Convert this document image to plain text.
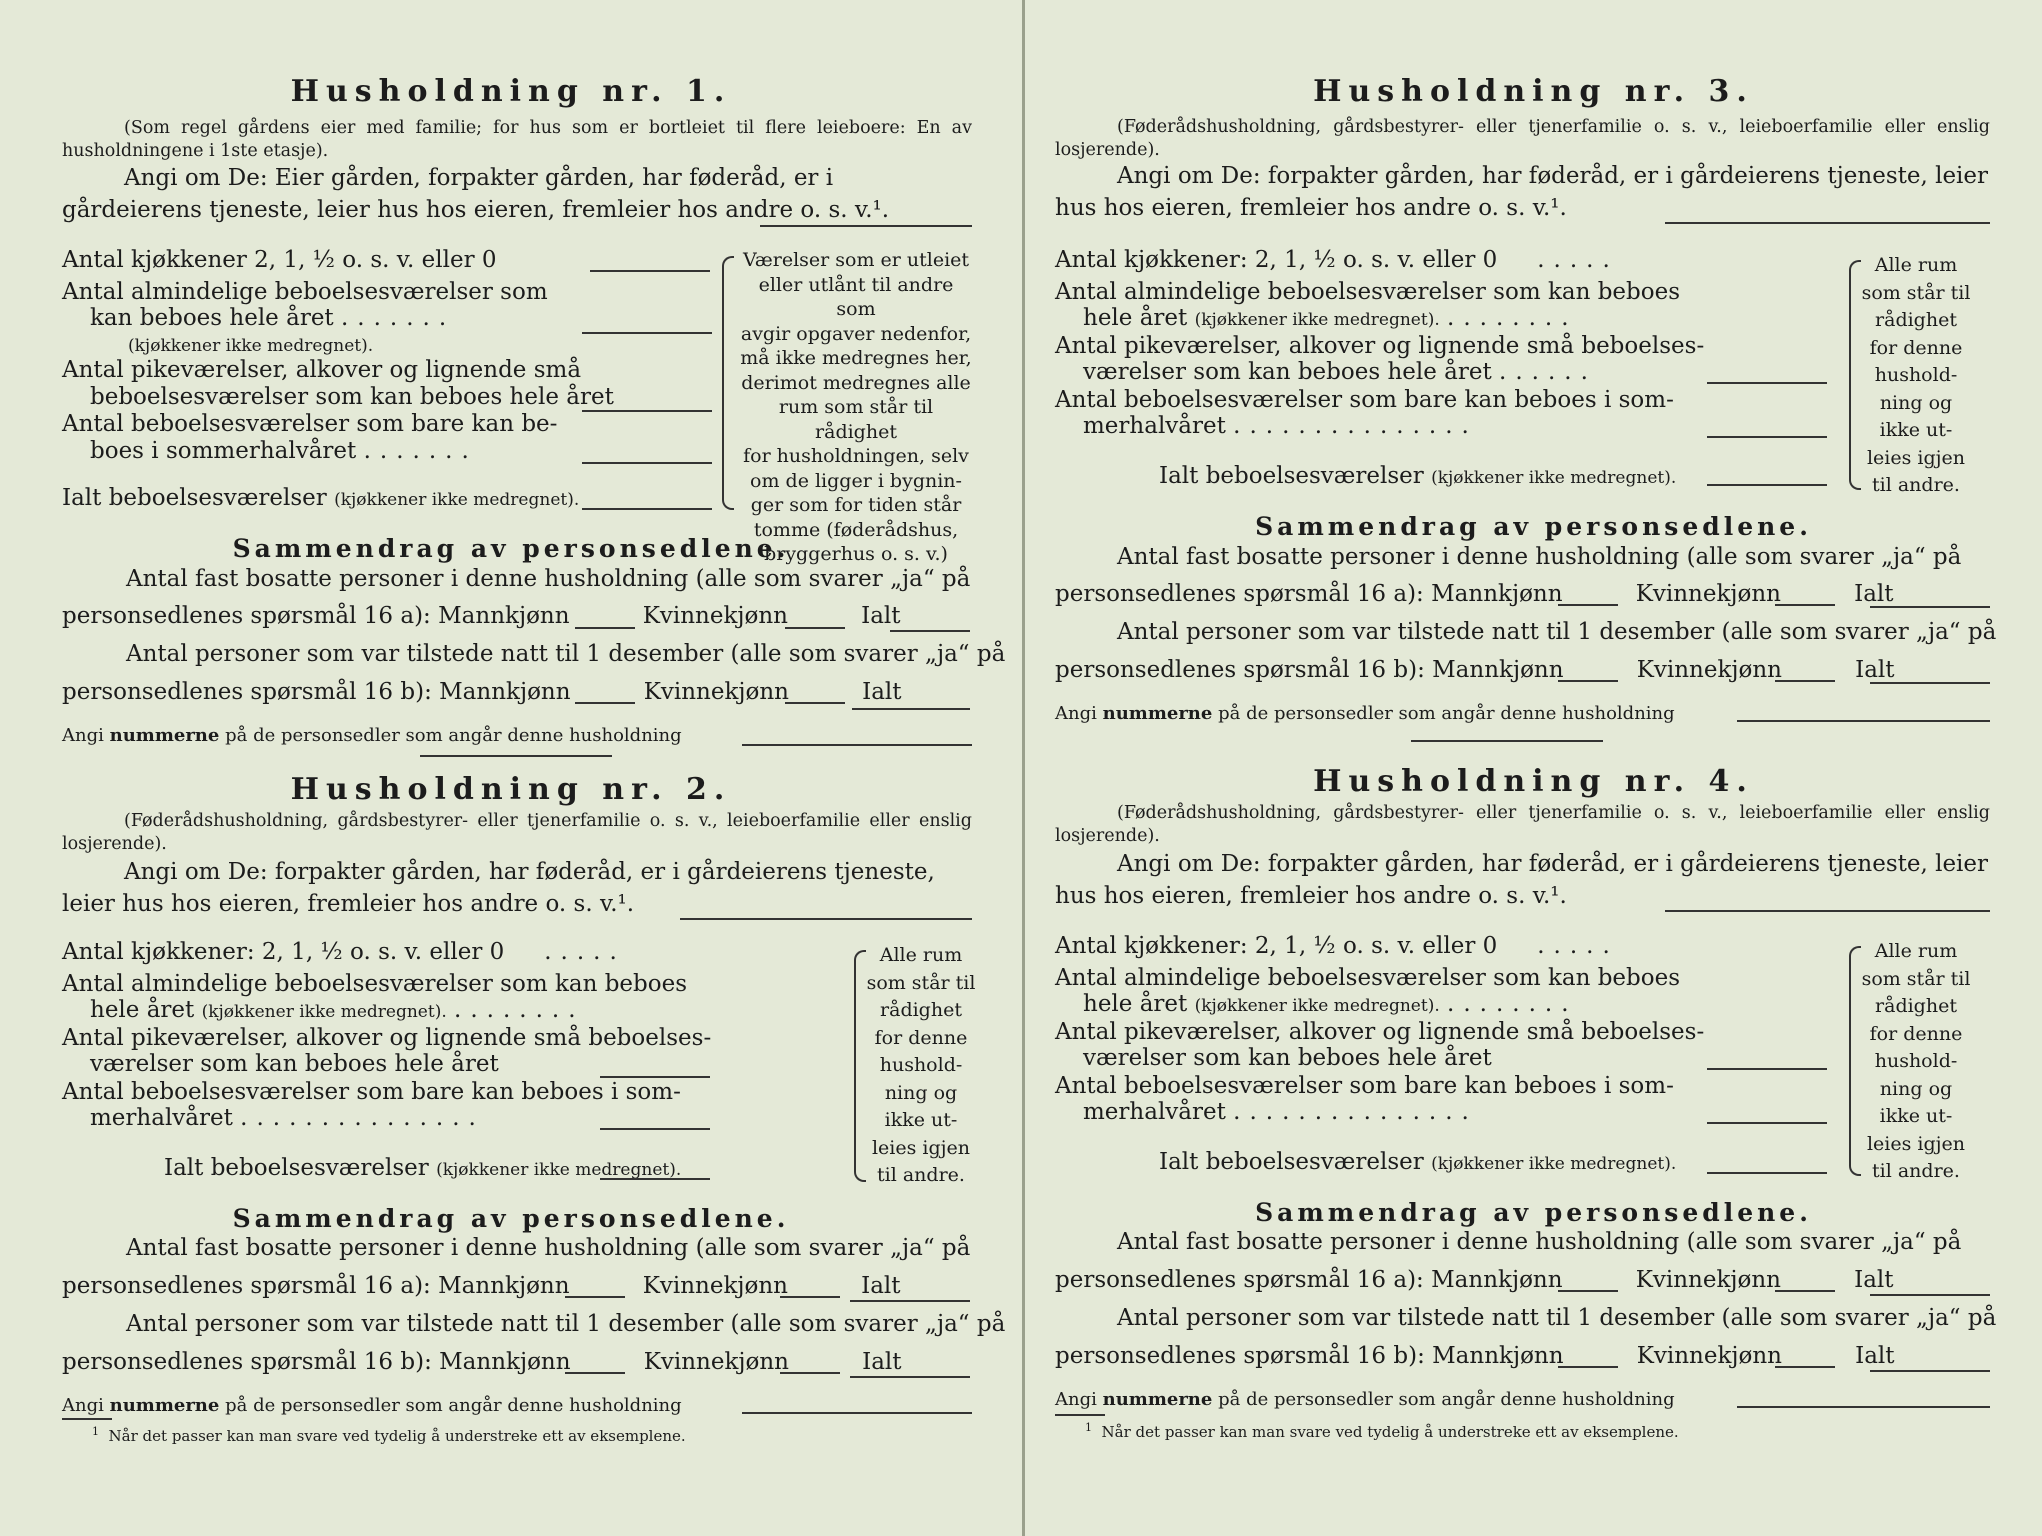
Husholdning nr. 1.
(Som regel gårdens eier med familie; for hus som er bortleiet til flere leieboere: En av husholdningene i 1ste etasje).
Angi om De: Eier gården, forpakter gården, har føderåd, er i gårdeierens tjeneste, leier hus hos eieren, fremleier hos andre o. s. v.¹.
Antal kjøkkener 2, 1, ½ o. s. v. eller 0
Antal almindelige beboelsesværelser som
kan beboes hele året .......
(kjøkkener ikke medregnet).
Antal pikeværelser, alkover og lignende små
beboelsesværelser som kan beboes hele året
Antal beboelsesværelser som bare kan be-
boes i sommerhalvåret .......
Ialt beboelsesværelser (kjøkkener ikke medregnet).
Værelser som er utleiet
eller utlånt til andre som
avgir opgaver nedenfor,
må ikke medregnes her,
derimot medregnes alle
rum som står til rådighet
for husholdningen, selv
om de ligger i bygnin-
ger som for tiden står
tomme (føderådshus,
bryggerhus o. s. v.)
Sammendrag av personsedlene.
Antal fast bosatte personer i denne husholdning (alle som svarer „ja“ på
personsedlenes spørsmål 16 a): Mannkjønn	Kvinnekjønn	Ialt
Antal personer som var tilstede natt til 1 desember (alle som svarer „ja“ på
personsedlenes spørsmål 16 b): Mannkjønn	Kvinnekjønn	Ialt
Angi nummerne på de personsedler som angår denne husholdning
Husholdning nr. 2.
(Føderådshusholdning, gårdsbestyrer- eller tjenerfamilie o. s. v., leieboerfamilie eller enslig losjerende).
Angi om De: forpakter gården, har føderåd, er i gårdeierens tjeneste, leier hus hos eieren, fremleier hos andre o. s. v.¹.
Antal kjøkkener: 2, 1, ½ o. s. v. eller 0   .....
Antal almindelige beboelsesværelser som kan beboes
hele året (kjøkkener ikke medregnet). ........
Antal pikeværelser, alkover og lignende små beboelses-
værelser som kan beboes hele året
Antal beboelsesværelser som bare kan beboes i som-
merhalvåret ...............
Ialt beboelsesværelser (kjøkkener ikke medregnet).
Alle rum
som står til
rådighet
for denne
hushold-
ning og
ikke ut-
leies igjen
til andre.
Sammendrag av personsedlene.
Antal fast bosatte personer i denne husholdning (alle som svarer „ja“ på
personsedlenes spørsmål 16 a): Mannkjønn	Kvinnekjønn	Ialt
Antal personer som var tilstede natt til 1 desember (alle som svarer „ja“ på
personsedlenes spørsmål 16 b): Mannkjønn	Kvinnekjønn	Ialt
Angi nummerne på de personsedler som angår denne husholdning
$^1$ Når det passer kan man svare ved tydelig å understreke ett av eksemplene.
Husholdning nr. 3.
(Føderådshusholdning, gårdsbestyrer- eller tjenerfamilie o. s. v., leieboerfamilie eller enslig losjerende).
Angi om De: forpakter gården, har føderåd, er i gårdeierens tjeneste, leier hus hos eieren, fremleier hos andre o. s. v.¹.
Antal kjøkkener: 2, 1, ½ o. s. v. eller 0   .....
Antal almindelige beboelsesværelser som kan beboes
hele året (kjøkkener ikke medregnet). ........
Antal pikeværelser, alkover og lignende små beboelses-
værelser som kan beboes hele året ......
Antal beboelsesværelser som bare kan beboes i som-
merhalvåret ...............
Ialt beboelsesværelser (kjøkkener ikke medregnet).
Alle rum
som står til
rådighet
for denne
hushold-
ning og
ikke ut-
leies igjen
til andre.
Sammendrag av personsedlene.
Antal fast bosatte personer i denne husholdning (alle som svarer „ja“ på
personsedlenes spørsmål 16 a): Mannkjønn	Kvinnekjønn	Ialt
Antal personer som var tilstede natt til 1 desember (alle som svarer „ja“ på
personsedlenes spørsmål 16 b): Mannkjønn	Kvinnekjønn	Ialt
Angi nummerne på de personsedler som angår denne husholdning
Husholdning nr. 4.
(Føderådshusholdning, gårdsbestyrer- eller tjenerfamilie o. s. v., leieboerfamilie eller enslig losjerende).
Angi om De: forpakter gården, har føderåd, er i gårdeierens tjeneste, leier hus hos eieren, fremleier hos andre o. s. v.¹.
Antal kjøkkener: 2, 1, ½ o. s. v. eller 0   .....
Antal almindelige beboelsesværelser som kan beboes
hele året (kjøkkener ikke medregnet). ........
Antal pikeværelser, alkover og lignende små beboelses-
værelser som kan beboes hele året
Antal beboelsesværelser som bare kan beboes i som-
merhalvåret ...............
Ialt beboelsesværelser (kjøkkener ikke medregnet).
Alle rum
som står til
rådighet
for denne
hushold-
ning og
ikke ut-
leies igjen
til andre.
Sammendrag av personsedlene.
Antal fast bosatte personer i denne husholdning (alle som svarer „ja“ på
personsedlenes spørsmål 16 a): Mannkjønn	Kvinnekjønn	Ialt
Antal personer som var tilstede natt til 1 desember (alle som svarer „ja“ på
personsedlenes spørsmål 16 b): Mannkjønn	Kvinnekjønn	Ialt
Angi nummerne på de personsedler som angår denne husholdning
$^1$ Når det passer kan man svare ved tydelig å understreke ett av eksemplene.
